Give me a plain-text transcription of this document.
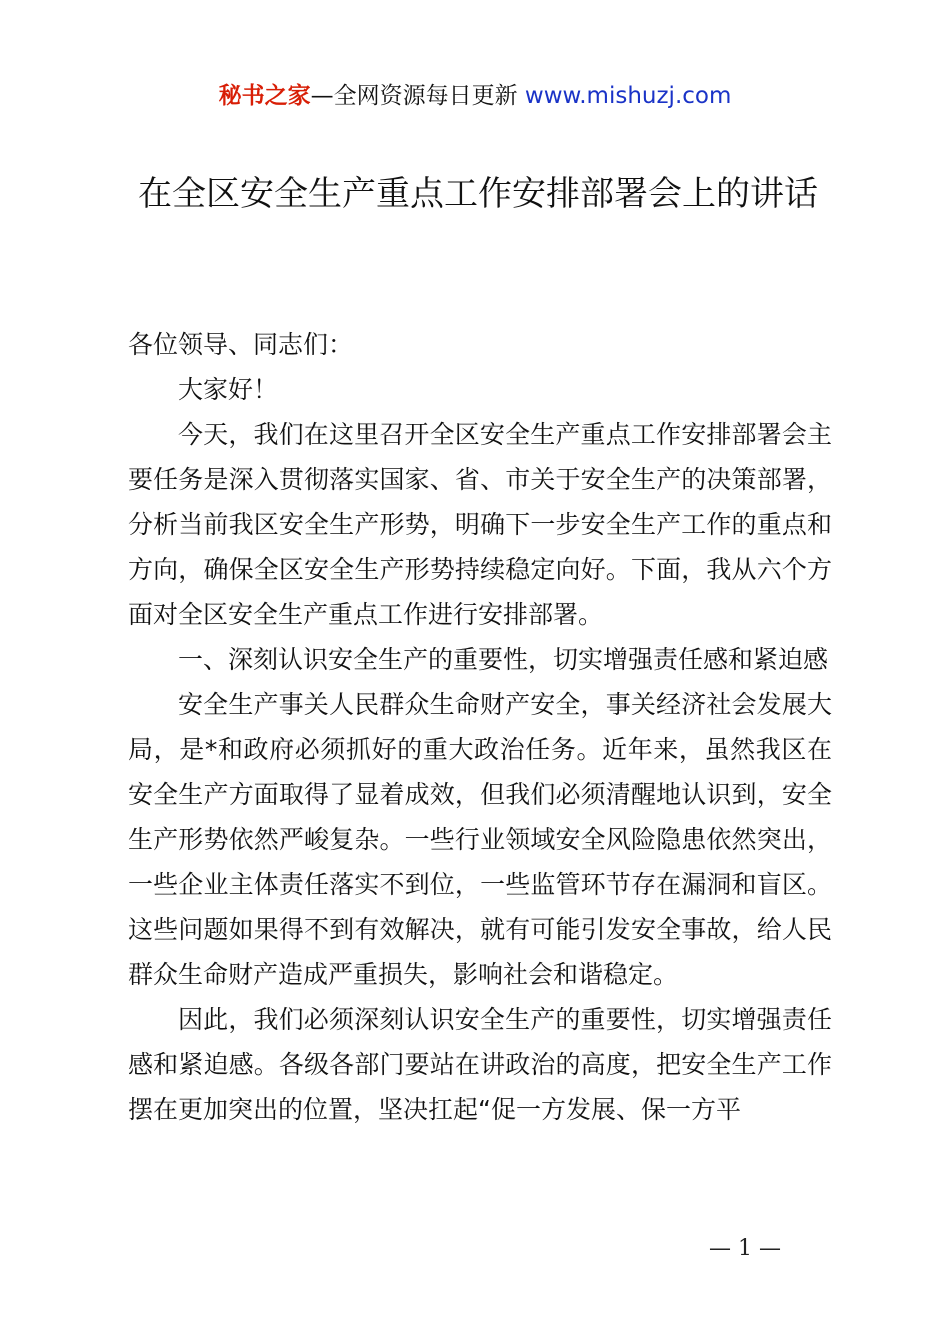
秘书之家—全网资源每日更新 www.mishuzj.com
在全区安全生产重点工作安排部署会上的讲话

各位领导、同志们：

大家好！

今天，我们在这里召开全区安全生产重点工作安排部署会主要任务是深入贯彻落实国家、省、市关于安全生产的决策部署，分析当前我区安全生产形势，明确下一步安全生产工作的重点和方向，确保全区安全生产形势持续稳定向好。下面，我从六个方面对全区安全生产重点工作进行安排部署。

一、深刻认识安全生产的重要性，切实增强责任感和紧迫感

安全生产事关人民群众生命财产安全，事关经济社会发展大局，是*和政府必须抓好的重大政治任务。近年来，虽然我区在安全生产方面取得了显着成效，但我们必须清醒地认识到，安全生产形势依然严峻复杂。一些行业领域安全风险隐患依然突出，一些企业主体责任落实不到位，一些监管环节存在漏洞和盲区。这些问题如果得不到有效解决，就有可能引发安全事故，给人民群众生命财产造成严重损失，影响社会和谐稳定。

因此，我们必须深刻认识安全生产的重要性，切实增强责任感和紧迫感。各级各部门要站在讲政治的高度，把安全生产工作摆在更加突出的位置，坚决扛起“促一方发展、保一方平

— 1 —
